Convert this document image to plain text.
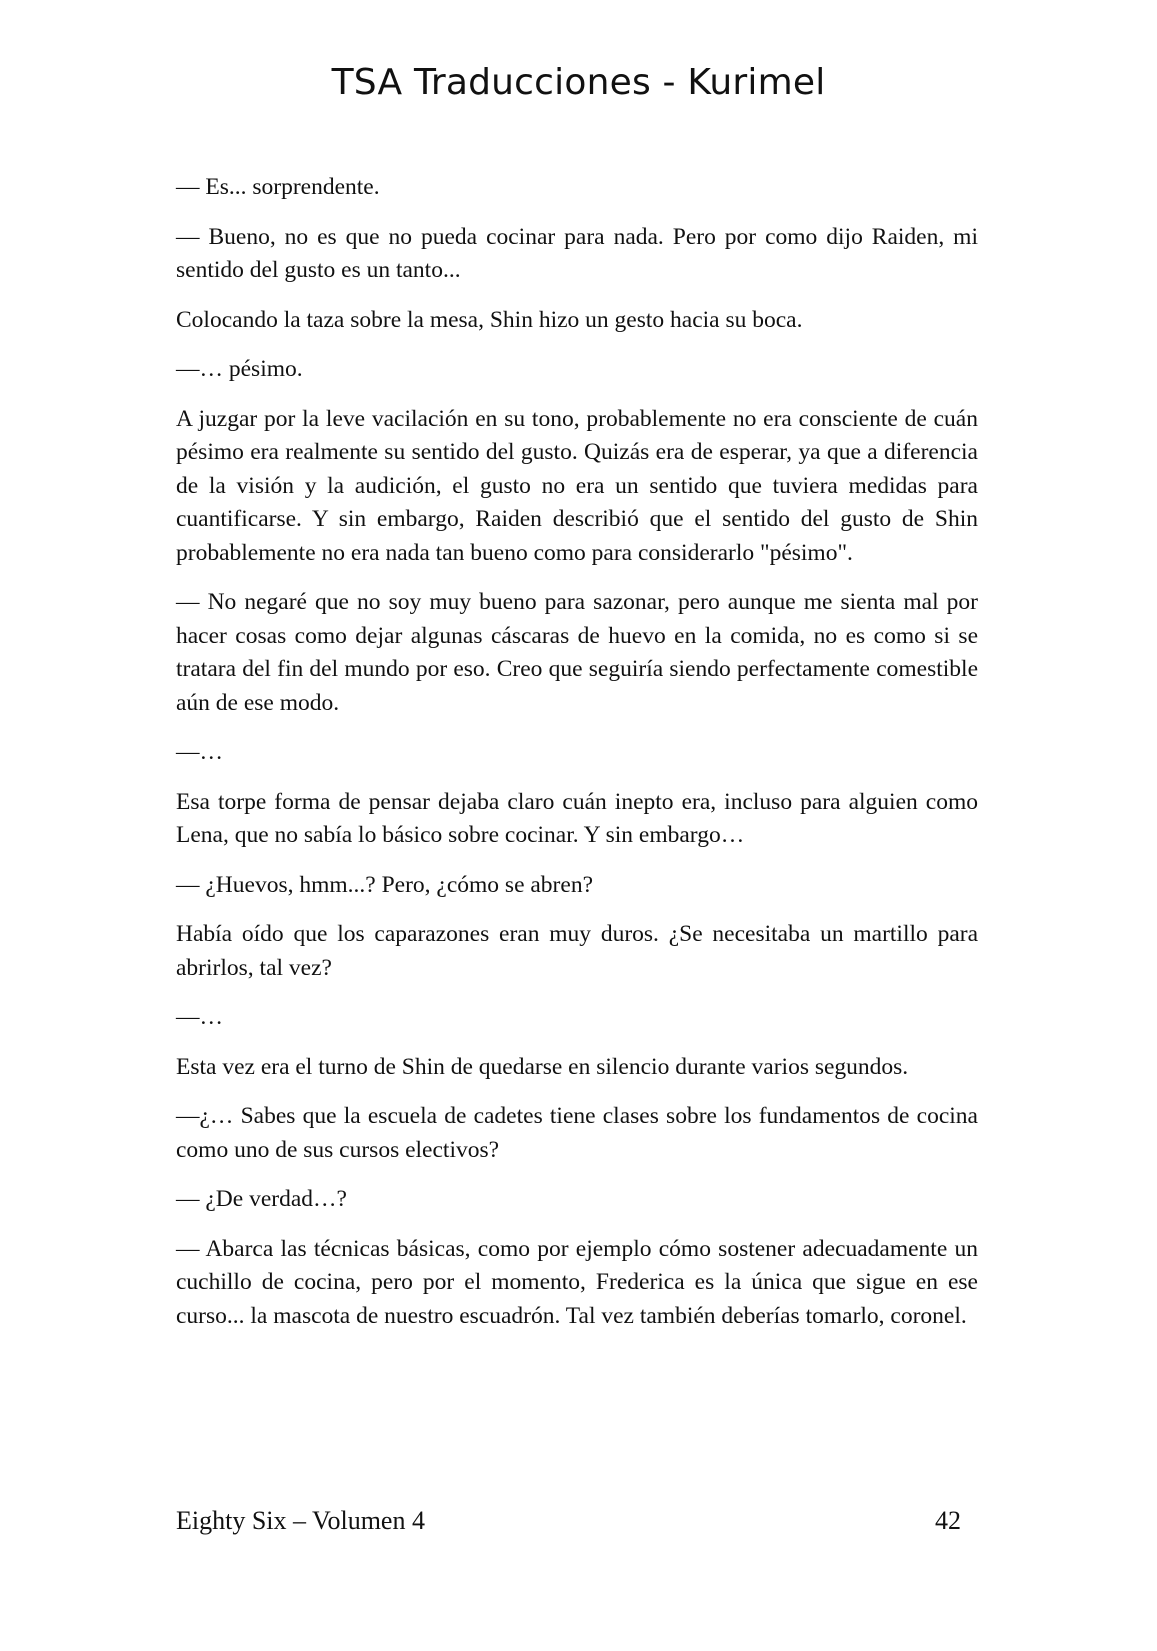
TSA Traducciones - Kurimel

— Es... sorprendente.

— Bueno, no es que no pueda cocinar para nada. Pero por como dijo Raiden, mi sentido del gusto es un tanto...

Colocando la taza sobre la mesa, Shin hizo un gesto hacia su boca.

—… pésimo.

A juzgar por la leve vacilación en su tono, probablemente no era consciente de cuán pésimo era realmente su sentido del gusto. Quizás era de esperar, ya que a diferencia de la visión y la audición, el gusto no era un sentido que tuviera medidas para cuantificarse. Y sin embargo, Raiden describió que el sentido del gusto de Shin probablemente no era nada tan bueno como para considerarlo "pésimo".

— No negaré que no soy muy bueno para sazonar, pero aunque me sienta mal por hacer cosas como dejar algunas cáscaras de huevo en la comida, no es como si se tratara del fin del mundo por eso. Creo que seguiría siendo perfectamente comestible aún de ese modo.

—…

Esa torpe forma de pensar dejaba claro cuán inepto era, incluso para alguien como Lena, que no sabía lo básico sobre cocinar. Y sin embargo…

— ¿Huevos, hmm...? Pero, ¿cómo se abren?

Había oído que los caparazones eran muy duros. ¿Se necesitaba un martillo para abrirlos, tal vez?

—…

Esta vez era el turno de Shin de quedarse en silencio durante varios segundos.

—¿… Sabes que la escuela de cadetes tiene clases sobre los fundamentos de cocina como uno de sus cursos electivos?

— ¿De verdad…?

— Abarca las técnicas básicas, como por ejemplo cómo sostener adecuadamente un cuchillo de cocina, pero por el momento, Frederica es la única que sigue en ese curso... la mascota de nuestro escuadrón. Tal vez también deberías tomarlo, coronel.

Eighty Six – Volumen 4	42
